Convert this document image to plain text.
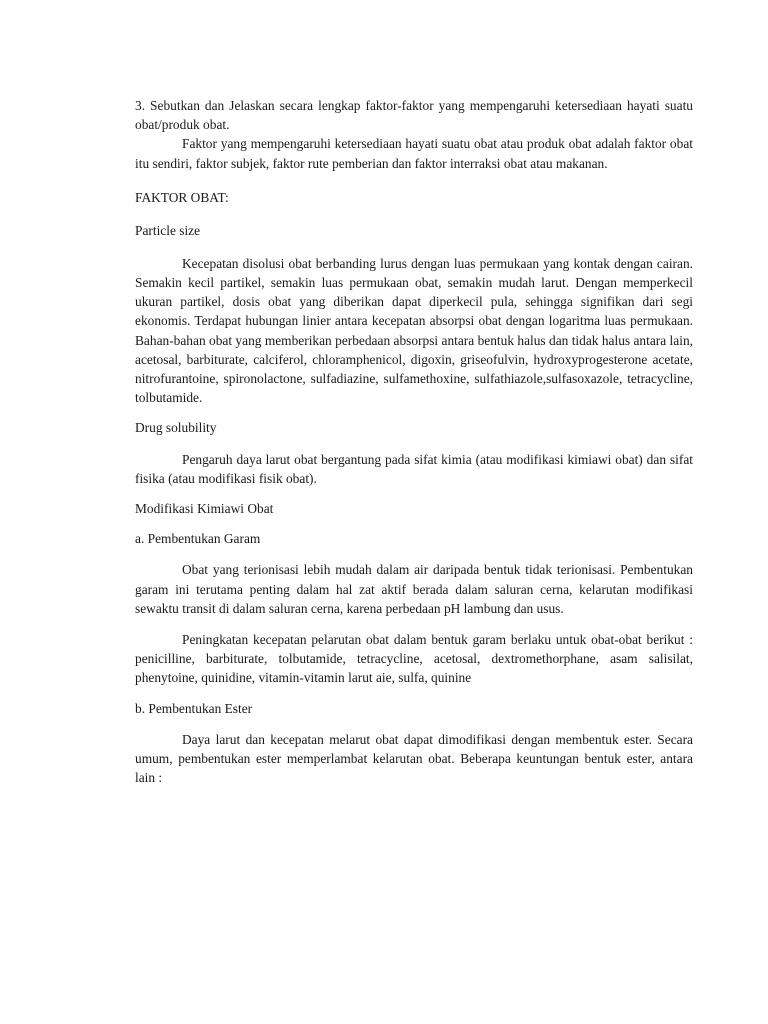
3. Sebutkan dan Jelaskan secara lengkap faktor-faktor yang mempengaruhi ketersediaan hayati suatu obat/produk obat.

Faktor yang mempengaruhi ketersediaan hayati suatu obat atau produk obat adalah faktor obat itu sendiri, faktor subjek, faktor rute pemberian dan faktor interraksi obat atau makanan.

FAKTOR OBAT:

Particle size

Kecepatan disolusi obat berbanding lurus dengan luas permukaan yang kontak dengan cairan. Semakin kecil partikel, semakin luas permukaan obat, semakin mudah larut. Dengan memperkecil ukuran partikel, dosis obat yang diberikan dapat diperkecil pula, sehingga signifikan dari segi ekonomis. Terdapat hubungan linier antara kecepatan absorpsi obat dengan logaritma luas permukaan. Bahan-bahan obat yang memberikan perbedaan absorpsi antara bentuk halus dan tidak halus antara lain, acetosal, barbiturate, calciferol, chloramphenicol, digoxin, griseofulvin, hydroxyprogesterone acetate, nitrofurantoine, spironolactone, sulfadiazine, sulfamethoxine, sulfathiazole,sulfasoxazole, tetracycline, tolbutamide.

Drug solubility

Pengaruh daya larut obat bergantung pada sifat kimia (atau modifikasi kimiawi obat) dan sifat fisika (atau modifikasi fisik obat).

Modifikasi Kimiawi Obat

a. Pembentukan Garam

Obat yang terionisasi lebih mudah dalam air daripada bentuk tidak terionisasi. Pembentukan garam ini terutama penting dalam hal zat aktif berada dalam saluran cerna, kelarutan modifikasi sewaktu transit di dalam saluran cerna, karena perbedaan pH lambung dan usus.

Peningkatan kecepatan pelarutan obat dalam bentuk garam berlaku untuk obat-obat berikut : penicilline, barbiturate, tolbutamide, tetracycline, acetosal, dextromethorphane, asam salisilat, phenytoine, quinidine, vitamin-vitamin larut aie, sulfa, quinine

b. Pembentukan Ester

Daya larut dan kecepatan melarut obat dapat dimodifikasi dengan membentuk ester. Secara umum, pembentukan ester memperlambat kelarutan obat. Beberapa keuntungan bentuk ester, antara lain :
